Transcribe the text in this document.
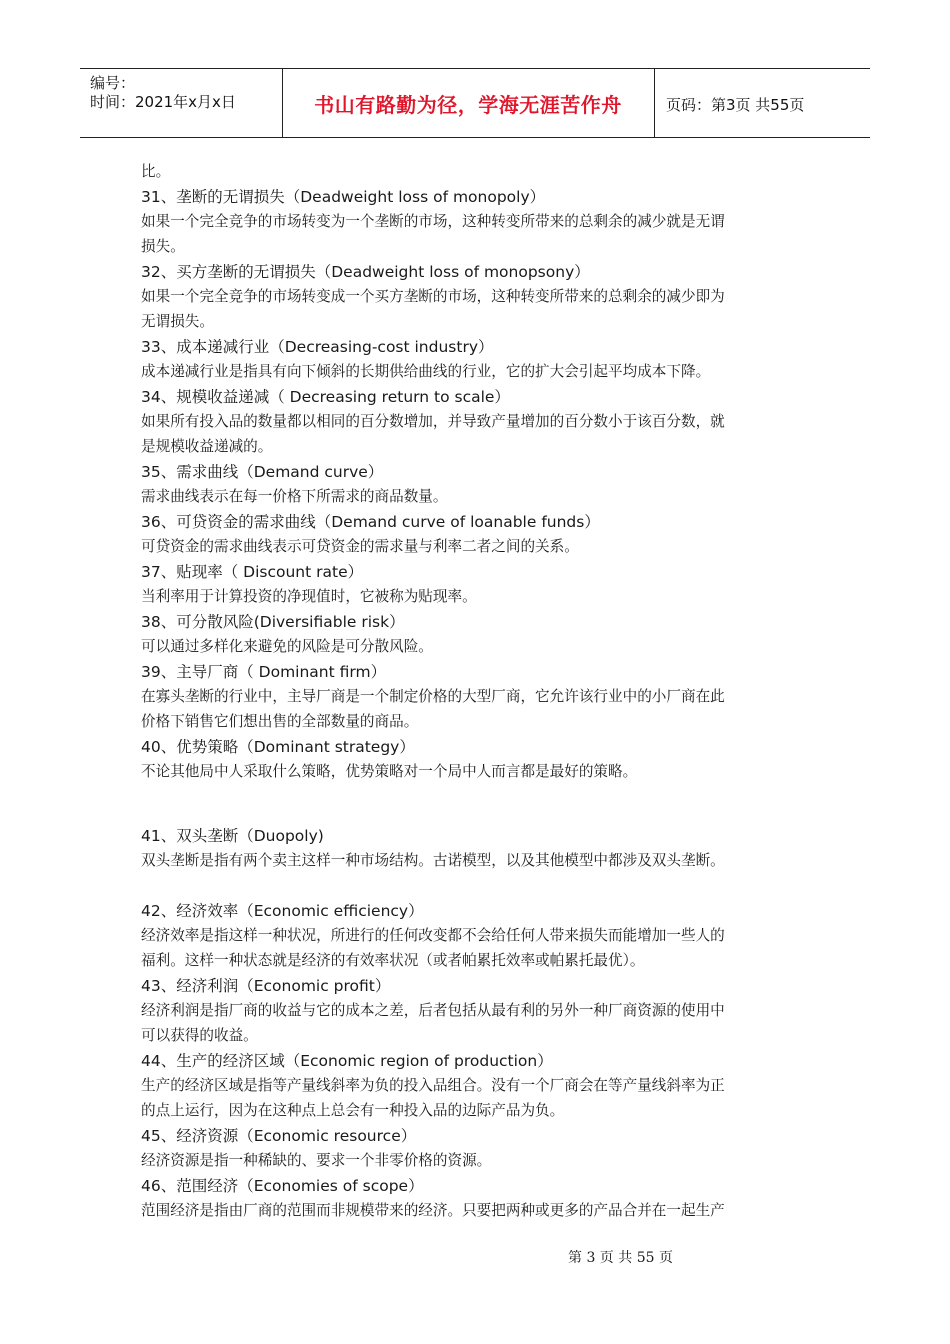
编号：
时间：2021年x月x日	书山有路勤为径，学海无涯苦作舟	页码：第3页 共55页
比。
31、垄断的无谓损失（Deadweight loss of monopoly）
如果一个完全竞争的市场转变为一个垄断的市场，这种转变所带来的总剩余的减少就是无谓
损失。
32、买方垄断的无谓损失（Deadweight loss of monopsony）
如果一个完全竞争的市场转变成一个买方垄断的市场，这种转变所带来的总剩余的减少即为
无谓损失。
33、成本递减行业（Decreasing-cost industry）
成本递减行业是指具有向下倾斜的长期供给曲线的行业，它的扩大会引起平均成本下降。
34、规模收益递减（ Decreasing return to scale）
如果所有投入品的数量都以相同的百分数增加，并导致产量增加的百分数小于该百分数，就
是规模收益递减的。
35、需求曲线（Demand curve）
需求曲线表示在每一价格下所需求的商品数量。
36、可贷资金的需求曲线（Demand curve of loanable funds）
可贷资金的需求曲线表示可贷资金的需求量与利率二者之间的关系。
37、贴现率（ Discount rate）
当利率用于计算投资的净现值时，它被称为贴现率。
38、可分散风险(Diversifiable risk）
可以通过多样化来避免的风险是可分散风险。
39、主导厂商（ Dominant firm）
在寡头垄断的行业中，主导厂商是一个制定价格的大型厂商，它允许该行业中的小厂商在此
价格下销售它们想出售的全部数量的商品。
40、优势策略（Dominant strategy）
不论其他局中人采取什么策略，优势策略对一个局中人而言都是最好的策略。
41、双头垄断（Duopoly)
双头垄断是指有两个卖主这样一种市场结构。古诺模型，以及其他模型中都涉及双头垄断。
42、经济效率（Economic efficiency）
经济效率是指这样一种状况，所进行的任何改变都不会给任何人带来损失而能增加一些人的
福利。这样一种状态就是经济的有效率状况（或者帕累托效率或帕累托最优）。
43、经济利润（Economic profit）
经济利润是指厂商的收益与它的成本之差，后者包括从最有利的另外一种厂商资源的使用中
可以获得的收益。
44、生产的经济区域（Economic region of production）
生产的经济区域是指等产量线斜率为负的投入品组合。没有一个厂商会在等产量线斜率为正
的点上运行，因为在这种点上总会有一种投入品的边际产品为负。
45、经济资源（Economic resource）
经济资源是指一种稀缺的、要求一个非零价格的资源。
46、范围经济（Economies of scope）
范围经济是指由厂商的范围而非规模带来的经济。只要把两种或更多的产品合并在一起生产
第 3 页 共 55 页
